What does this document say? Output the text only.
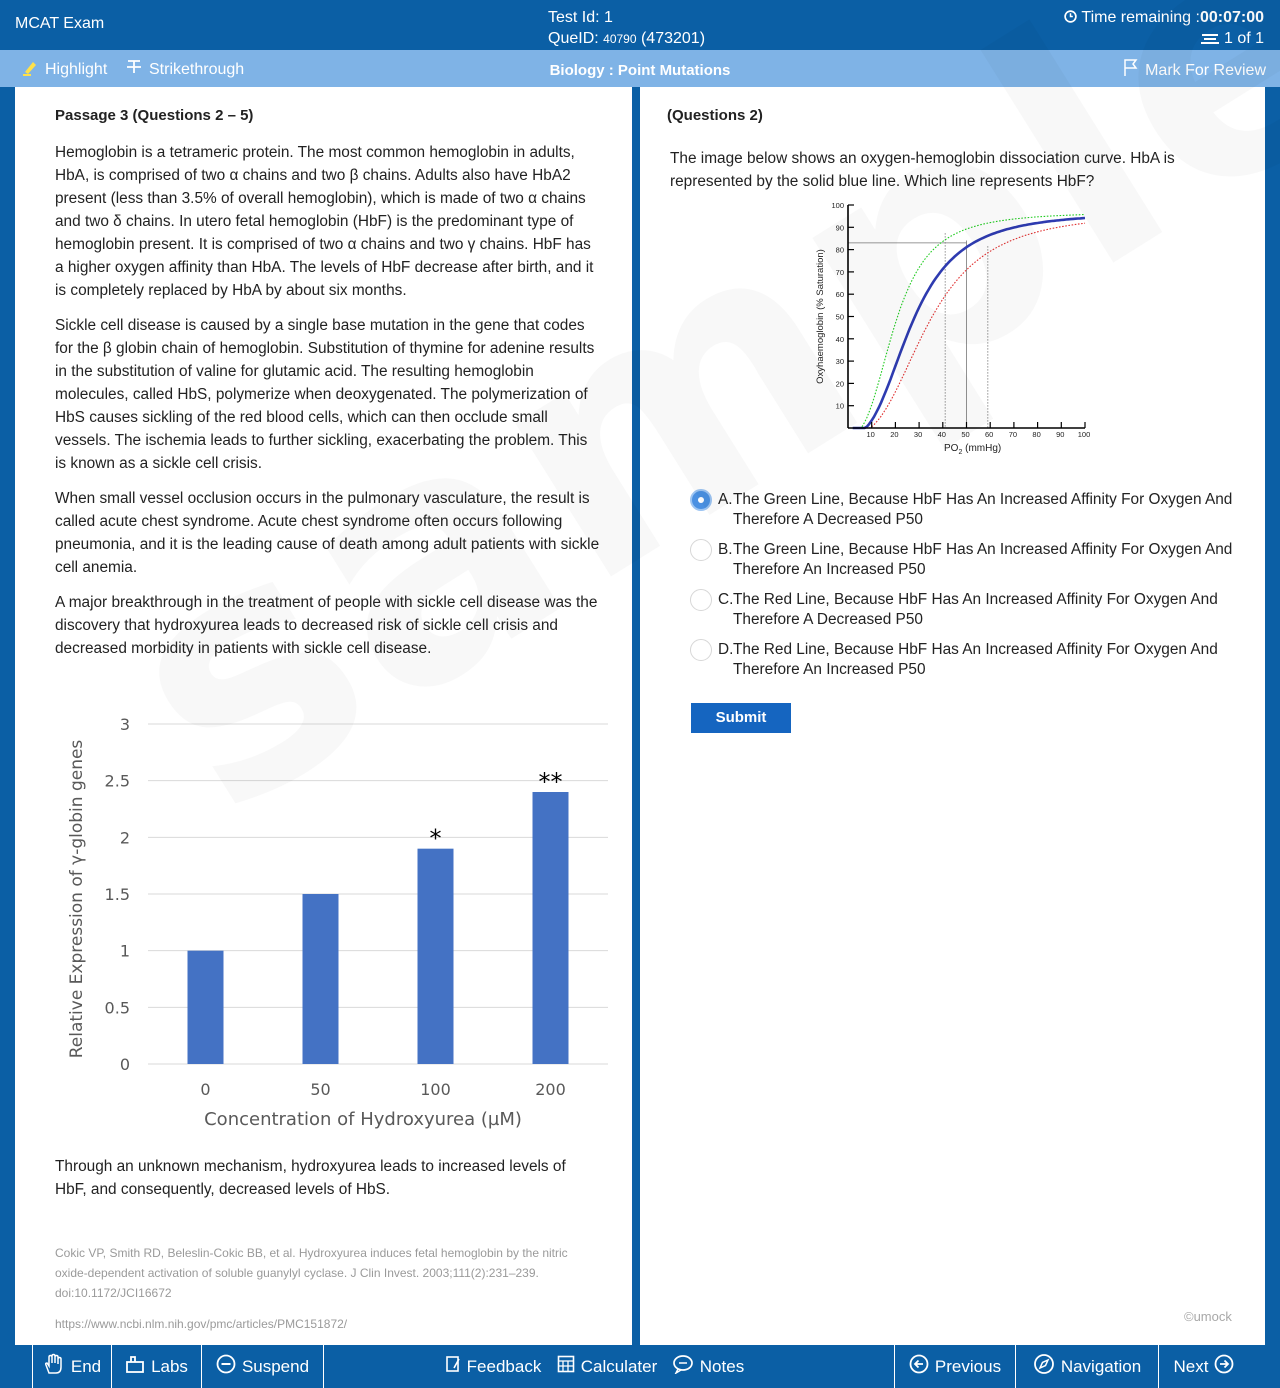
MCAT Exam	Test Id: 1
QueID: 40790 (473201)
Time remaining :00:07:00
1 of 1
Highlight	Strikethrough	Biology : Point Mutations	Mark For Review
Passage 3 (Questions 2 – 5)

Hemoglobin is a tetrameric protein. The most common hemoglobin in adults, HbA, is comprised of two α chains and two β chains. Adults also have HbA2 present (less than 3.5% of overall hemoglobin), which is made of two α chains and two δ chains. In utero fetal hemoglobin (HbF) is the predominant type of hemoglobin present. It is comprised of two α chains and two γ chains. HbF has a higher oxygen affinity than HbA. The levels of HbF decrease after birth, and it is completely replaced by HbA by about six months.

Sickle cell disease is caused by a single base mutation in the gene that codes for the β globin chain of hemoglobin. Substitution of thymine for adenine results in the substitution of valine for glutamic acid. The resulting hemoglobin molecules, called HbS, polymerize when deoxygenated. The polymerization of HbS causes sickling of the red blood cells, which can then occlude small vessels. The ischemia leads to further sickling, exacerbating the problem. This is known as a sickle cell crisis.

When small vessel occlusion occurs in the pulmonary vasculature, the result is called acute chest syndrome. Acute chest syndrome often occurs following pneumonia, and it is the leading cause of death among adult patients with sickle cell anemia.

A major breakthrough in the treatment of people with sickle cell disease was the discovery that hydroxyurea leads to decreased risk of sickle cell crisis and decreased morbidity in patients with sickle cell disease.

0
0.5
1
1.5
2
2.5
3
0	50	100
*
200
**
Concentration of Hydroxyurea (µM)
Relative Expression of γ-globin genes
Through an unknown mechanism, hydroxyurea leads to increased levels of HbF, and consequently, decreased levels of HbS.
Cokic VP, Smith RD, Beleslin-Cokic BB, et al. Hydroxyurea induces fetal hemoglobin by the nitric oxide-dependent activation of soluble guanylyl cyclase. J Clin Invest. 2003;111(2):231–239. doi:10.1172/JCI16672
https://www.ncbi.nlm.nih.gov/pmc/articles/PMC151872/
(Questions 2)
The image below shows an oxygen-hemoglobin dissociation curve. HbA is represented by the solid blue line. Which line represents HbF?
10
20
30
40
50
60
70
80
90
100
10 20 30 40 50 60 70 80 90 100
$PO_2$ (mmHg)
Oxyhaemoglobin (% Saturation)
A. The Green Line, Because HbF Has An Increased Affinity For Oxygen And Therefore A Decreased P50
B. The Green Line, Because HbF Has An Increased Affinity For Oxygen And Therefore An Increased P50
C. The Red Line, Because HbF Has An Increased Affinity For Oxygen And Therefore A Decreased P50
D. The Red Line, Because HbF Has An Increased Affinity For Oxygen And Therefore An Increased P50
Submit
©umock
End	Labs	Suspend	Feedback Calculater	Notes	Previous	Navigation Next
